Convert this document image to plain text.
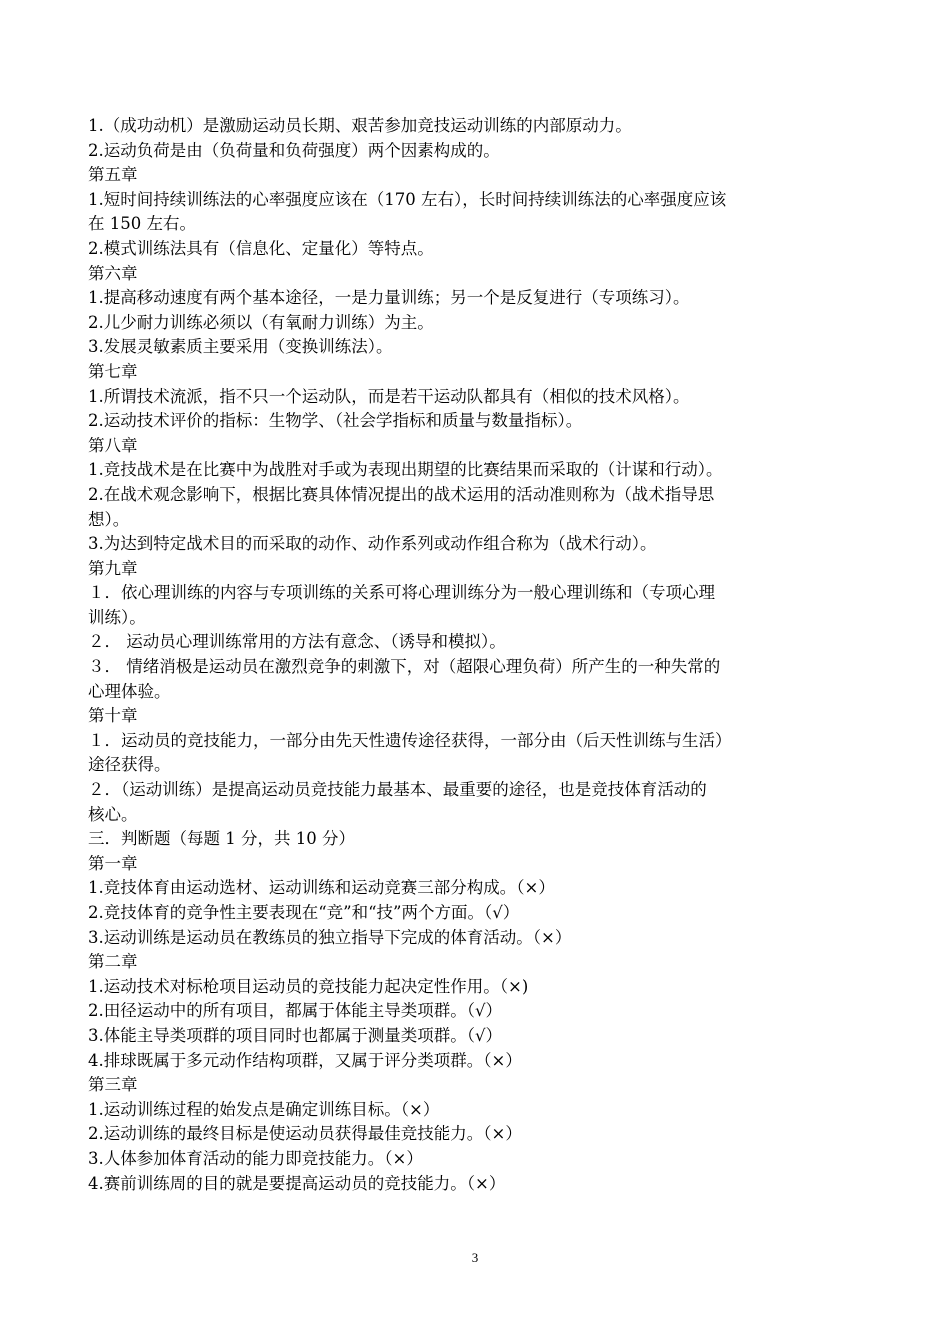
1.（成功动机）是激励运动员长期、艰苦参加竞技运动训练的内部原动力。

2.运动负荷是由（负荷量和负荷强度）两个因素构成的。

第五章

1.短时间持续训练法的心率强度应该在（170 左右），长时间持续训练法的心率强度应该

在 150 左右。

2.模式训练法具有（信息化、定量化）等特点。

第六章

1.提高移动速度有两个基本途径，一是力量训练；另一个是反复进行（专项练习）。

2.儿少耐力训练必须以（有氧耐力训练）为主。

3.发展灵敏素质主要采用（变换训练法）。

第七章

1.所谓技术流派，指不只一个运动队，而是若干运动队都具有（相似的技术风格）。

2.运动技术评价的指标：生物学、（社会学指标和质量与数量指标）。

第八章

1.竞技战术是在比赛中为战胜对手或为表现出期望的比赛结果而采取的（计谋和行动）。

2.在战术观念影响下，根据比赛具体情况提出的战术运用的活动准则称为（战术指导思

想）。

3.为达到特定战术目的而采取的动作、动作系列或动作组合称为（战术行动）。

第九章

１．依心理训练的内容与专项训练的关系可将心理训练分为一般心理训练和（专项心理

训练）。

２． 运动员心理训练常用的方法有意念、（诱导和模拟）。

３． 情绪消极是运动员在激烈竞争的刺激下，对（超限心理负荷）所产生的一种失常的

心理体验。

第十章

１．运动员的竞技能力，一部分由先天性遗传途径获得，一部分由（后天性训练与生活）

途径获得。

２．（运动训练）是提高运动员竞技能力最基本、最重要的途径，也是竞技体育活动的

核心。

三．判断题（每题 1 分，共 10 分）

第一章

1.竞技体育由运动选材、运动训练和运动竞赛三部分构成。（×）

2.竞技体育的竞争性主要表现在“竞”和“技”两个方面。（√）

3.运动训练是运动员在教练员的独立指导下完成的体育活动。（×）

第二章

1.运动技术对标枪项目运动员的竞技能力起决定性作用。（×)

2.田径运动中的所有项目，都属于体能主导类项群。（√）

3.体能主导类项群的项目同时也都属于测量类项群。（√）

4.排球既属于多元动作结构项群，又属于评分类项群。（×）

第三章

1.运动训练过程的始发点是确定训练目标。（×）

2.运动训练的最终目标是使运动员获得最佳竞技能力。（×）

3.人体参加体育活动的能力即竞技能力。（×）

4.赛前训练周的目的就是要提高运动员的竞技能力。（×）

3
